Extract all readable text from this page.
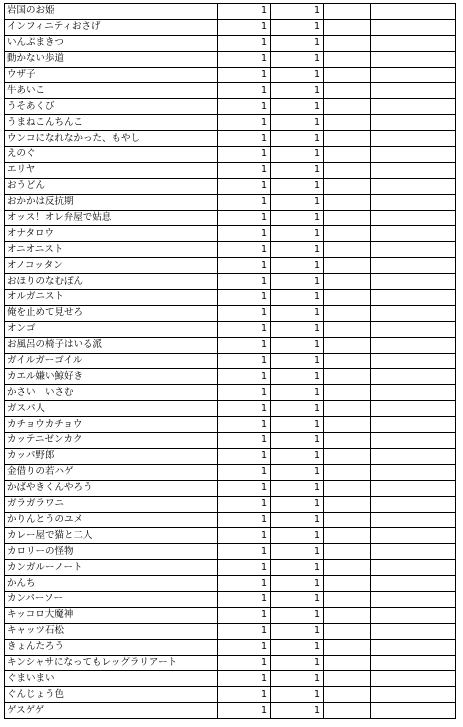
岩国のお姫	1	1		
インフィニティおさげ	1	1		
いんぷまきつ	1	1		
動かない歩道	1	1		
ウザ子	1	1		
牛あいこ	1	1		
うそあくび	1	1		
うまねこんちんこ	1	1		
ウンコになれなかった、もやし	1	1		
えのぐ	1	1		
エリヤ	1	1		
おうどん	1	1		
おかかは反抗期	1	1		
オッス！オレ弁屋で姑息	1	1		
オナタロウ	1	1		
オニオニスト	1	1		
オノコッタン	1	1		
おほりのなむぽん	1	1		
オルガニスト	1	1		
俺を止めて見せろ	1	1		
オンゴ	1	1		
お風呂の椅子はいる派	1	1		
ガイルガーゴイル	1	1		
カエル嫌い鯨好き	1	1		
かさい　いさむ	1	1		
ガスパ人	1	1		
カチョウカチョウ	1	1		
カッテニゼンカク	1	1		
カッパ野郎	1	1		
金借りの若ハゲ	1	1		
かばやきくんやろう	1	1		
ガラガラワニ	1	1		
かりんとうのユメ	1	1		
カレー屋で猫と二人	1	1		
カロリーの怪物	1	1		
カンガルーノート	1	1		
かんち	1	1		
カンパーソー	1	1		
キッコロ大魔神	1	1		
キャッツ石松	1	1		
きょんたろう	1	1		
キンシャサになってもレッグラリアート	1	1		
ぐまいまい	1	1		
ぐんじょう色	1	1		
ゲスゲゲ	1	1		
